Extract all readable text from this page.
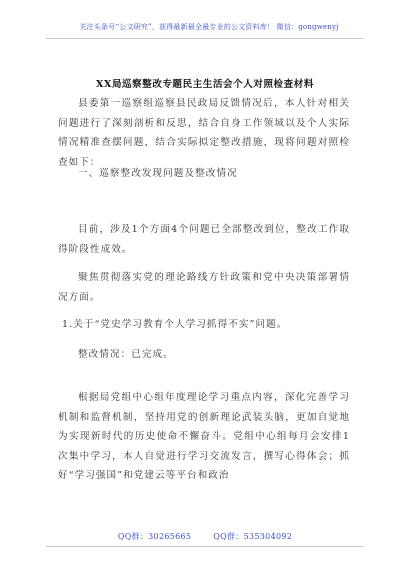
关注头条号“公文研究”，获得最新最全最专业的公文资料库！ 微信：gongwenyj
XX局巡察整改专题民主生活会个人对照检查材料
县委第一巡察组巡察县民政局反馈情况后，本人针对相关问题进行了深刻剖析和反思，结合自身工作领域以及个人实际情况精准查摆问题，结合实际拟定整改措施，现将问题对照检查如下：
一、巡察整改发现问题及整改情况
目前，涉及1个方面4个问题已全部整改到位，整改工作取得阶段性成效。
聚焦贯彻落实党的理论路线方针政策和党中央决策部署情况方面。
1.关于“党史学习教育个人学习抓得不实”问题。
整改情况：已完成。
根据局党组中心组年度理论学习重点内容，深化完善学习机制和监督机制，坚持用党的创新理论武装头脑，更加自觉地为实现新时代的历史使命不懈奋斗。党组中心组每月会安排1次集中学习，本人自觉进行学习交流发言，撰写心得体会；抓好“学习强国”和党建云等平台和政治
QQ群：30265665	QQ群：535304092
